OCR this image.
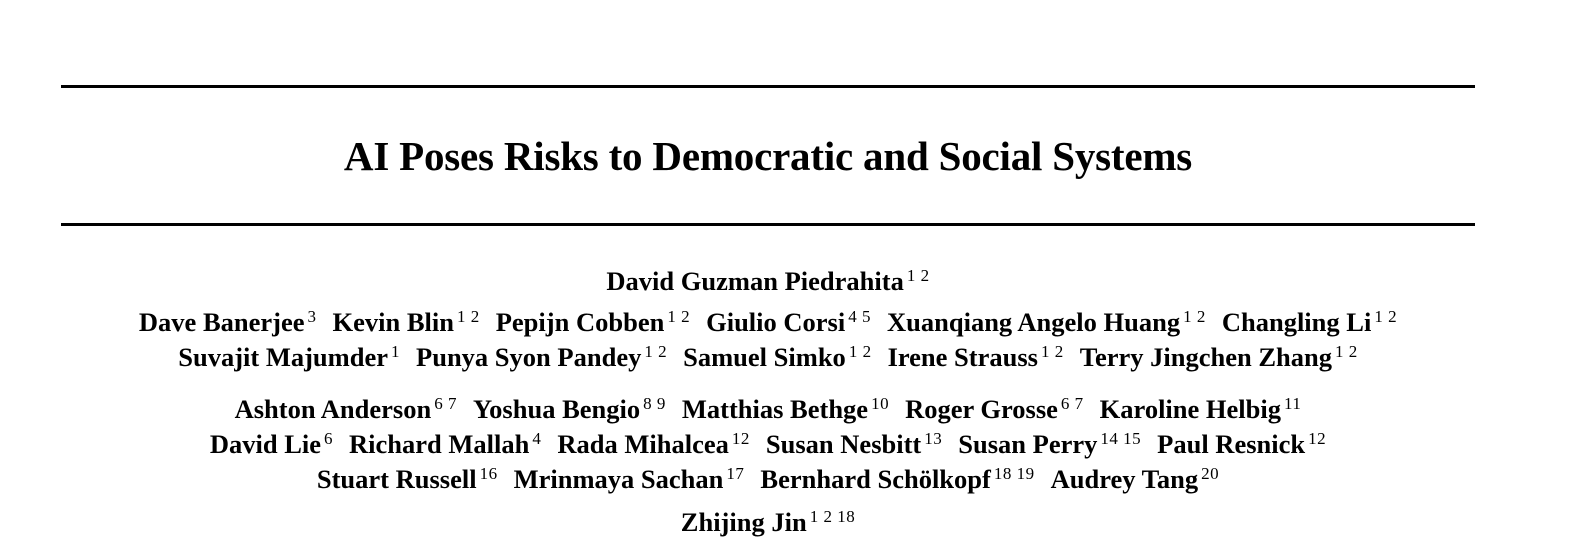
AI Poses Risks to Democratic and Social Systems
David Guzman Piedrahita $^{1 2}$
Dave Banerjee $^3$ Kevin Blin $^{1 2}$ Pepijn Cobben $^{1 2}$ Giulio Corsi $^{4 5}$ Xuanqiang Angelo Huang $^{1 2}$ Changling Li $^{1 2}$
Suvajit Majumder $^1$ Punya Syon Pandey $^{1 2}$ Samuel Simko $^{1 2}$ Irene Strauss $^{1 2}$ Terry Jingchen Zhang $^{1 2}$
Ashton Anderson $^{6 7}$ Yoshua Bengio $^{8 9}$ Matthias Bethge $^{10}$ Roger Grosse $^{6 7}$ Karoline Helbig $^{11}$
David Lie $^6$ Richard Mallah $^4$ Rada Mihalcea $^{12}$ Susan Nesbitt $^{13}$ Susan Perry $^{14 15}$ Paul Resnick $^{12}$
Stuart Russell $^{16}$ Mrinmaya Sachan $^{17}$ Bernhard Schölkopf $^{18 19}$ Audrey Tang $^{20}$
Zhijing Jin $^{1 2 18}$
